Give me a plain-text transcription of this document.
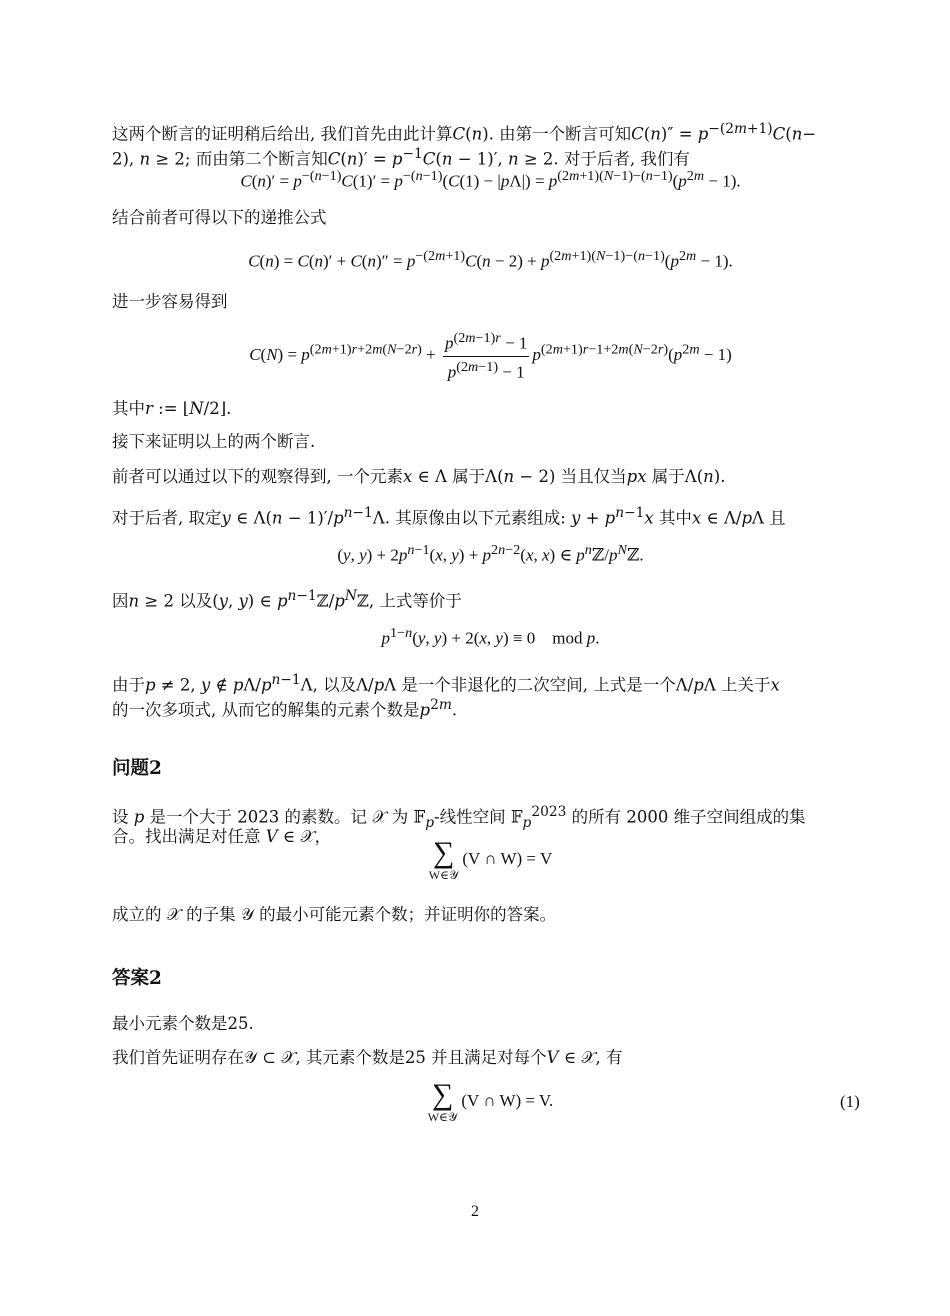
这两个断言的证明稍后给出, 我们首先由此计算C(n). 由第一个断言可知$C(n)'' = p^{-(2m+1)}C(n-$
2), n ≥ 2; 而由第二个断言知$C(n)' = p^{-1}C(n - 1)'$, n ≥ 2. 对于后者, 我们有
$C(n)' = p^{-(n-1)}C(1)' = p^{-(n-1)}(C(1) - |p\Lambda|) = p^{(2m+1)(N-1)-(n-1)}(p^{2m} - 1)$.
结合前者可得以下的递推公式
$C(n) = C(n)' + C(n)'' = p^{-(2m+1)}C(n - 2) + p^{(2m+1)(N-1)-(n-1)}(p^{2m} - 1)$.
进一步容易得到
$C(N) = p^{(2m+1)r+2m(N-2r)} + \frac{p^{(2m-1)r} - 1}{p^{(2m-1)} - 1} p^{(2m+1)r-1+2m(N-2r)}(p^{2m} - 1)$
其中r := ⌊N/2⌋.
接下来证明以上的两个断言.
前者可以通过以下的观察得到, 一个元素x ∈ Λ 属于Λ(n − 2) 当且仅当px 属于Λ(n).
对于后者, 取定y ∈ $\Lambda(n - 1)'/p^{n-1}\Lambda$. 其原像由以下元素组成: $y + p^{n-1}x$ 其中x ∈ Λ/pΛ 且
(y, $y) + 2p^{n-1}(x$, $y) + p^{2n-2}(x$, x) ∈ $p^nℤ/p^Nℤ$.
因n ≥ 2 以及(y, y) ∈ $p^{n-1}ℤ/p^Nℤ$, 上式等价于
$p^{1-n}(y$, y) + 2(x, y) ≡ 0    mod p.
由于p ≠ 2, y ∉ $p\Lambda/p^{n-1}\Lambda$, 以及Λ/pΛ 是一个非退化的二次空间, 上式是一个Λ/pΛ 上关于x
的一次多项式, 从而它的解集的元素个数是$p^{2m}$.
问题2
设 p 是一个大于 2023 的素数。记 𝒳 为 𝔽$_p$-线性空间 𝔽$_p^{2023}$ 的所有 2000 维子空间组成的集
合。找出满足对任意 V ∈ 𝒳，	∑
W∈𝒴
(V ∩ W) = V
成立的 𝒳 的子集 𝒴 的最小可能元素个数；并证明你的答案。
答案2
最小元素个数是25.
我们首先证明存在𝒴 ⊂ 𝒳, 其元素个数是25 并且满足对每个V ∈ 𝒳, 有
∑
W∈𝒴
(V ∩ W) = V.	(1)
2
